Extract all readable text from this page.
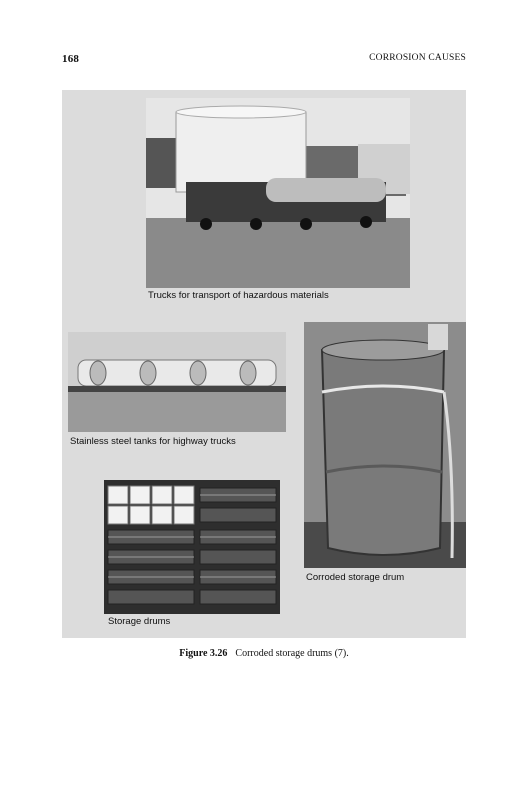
168	CORROSION CAUSES
Trucks for transport of hazardous materials
Stainless steel tanks for highway trucks
Corroded storage drum
Storage drums
Figure 3.26 Corroded storage drums (7).
